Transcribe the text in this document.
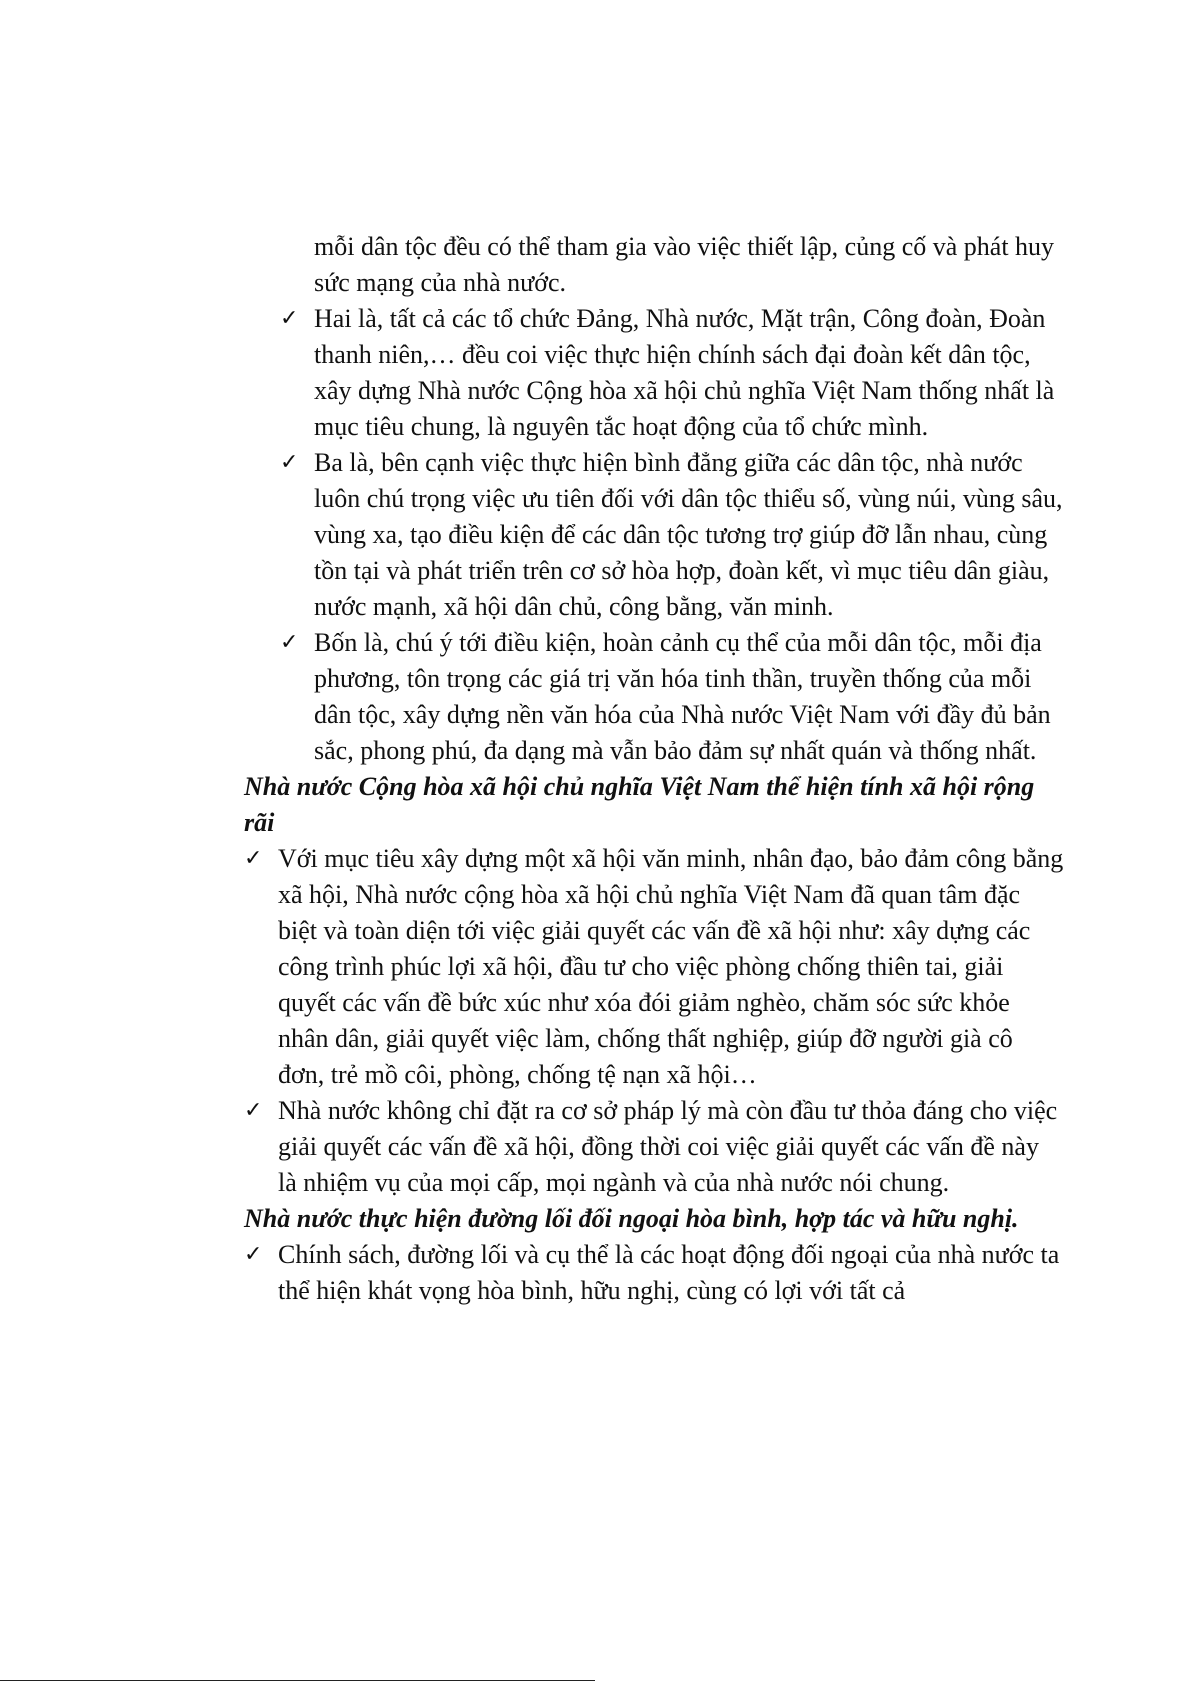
mỗi dân tộc đều có thể tham gia vào việc thiết lập, củng cố và phát huy sức mạng của nhà nước.

✓ Hai là, tất cả các tổ chức Đảng, Nhà nước, Mặt trận, Công đoàn, Đoàn thanh niên,… đều coi việc thực hiện chính sách đại đoàn kết dân tộc, xây dựng Nhà nước Cộng hòa xã hội chủ nghĩa Việt Nam thống nhất là mục tiêu chung, là nguyên tắc hoạt động của tổ chức mình.

✓ Ba là, bên cạnh việc thực hiện bình đẳng giữa các dân tộc, nhà nước luôn chú trọng việc ưu tiên đối với dân tộc thiểu số, vùng núi, vùng sâu, vùng xa, tạo điều kiện để các dân tộc tương trợ giúp đỡ lẫn nhau, cùng tồn tại và phát triển trên cơ sở hòa hợp, đoàn kết, vì mục tiêu dân giàu, nước mạnh, xã hội dân chủ, công bằng, văn minh.

✓ Bốn là, chú ý tới điều kiện, hoàn cảnh cụ thể của mỗi dân tộc, mỗi địa phương, tôn trọng các giá trị văn hóa tinh thần, truyền thống của mỗi dân tộc, xây dựng nền văn hóa của Nhà nước Việt Nam với đầy đủ bản sắc, phong phú, đa dạng mà vẫn bảo đảm sự nhất quán và thống nhất.

Nhà nước Cộng hòa xã hội chủ nghĩa Việt Nam thể hiện tính xã hội rộng rãi

✓ Với mục tiêu xây dựng một xã hội văn minh, nhân đạo, bảo đảm công bằng xã hội, Nhà nước cộng hòa xã hội chủ nghĩa Việt Nam đã quan tâm đặc biệt và toàn diện tới việc giải quyết các vấn đề xã hội như: xây dựng các công trình phúc lợi xã hội, đầu tư cho việc phòng chống thiên tai, giải quyết các vấn đề bức xúc như xóa đói giảm nghèo, chăm sóc sức khỏe nhân dân, giải quyết việc làm, chống thất nghiệp, giúp đỡ người già cô đơn, trẻ mồ côi, phòng, chống tệ nạn xã hội…

✓ Nhà nước không chỉ đặt ra cơ sở pháp lý mà còn đầu tư thỏa đáng cho việc giải quyết các vấn đề xã hội, đồng thời coi việc giải quyết các vấn đề này là nhiệm vụ của mọi cấp, mọi ngành và của nhà nước nói chung.

Nhà nước thực hiện đường lối đối ngoại hòa bình, hợp tác và hữu nghị.

✓ Chính sách, đường lối và cụ thể là các hoạt động đối ngoại của nhà nước ta thể hiện khát vọng hòa bình, hữu nghị, cùng có lợi với tất cả
